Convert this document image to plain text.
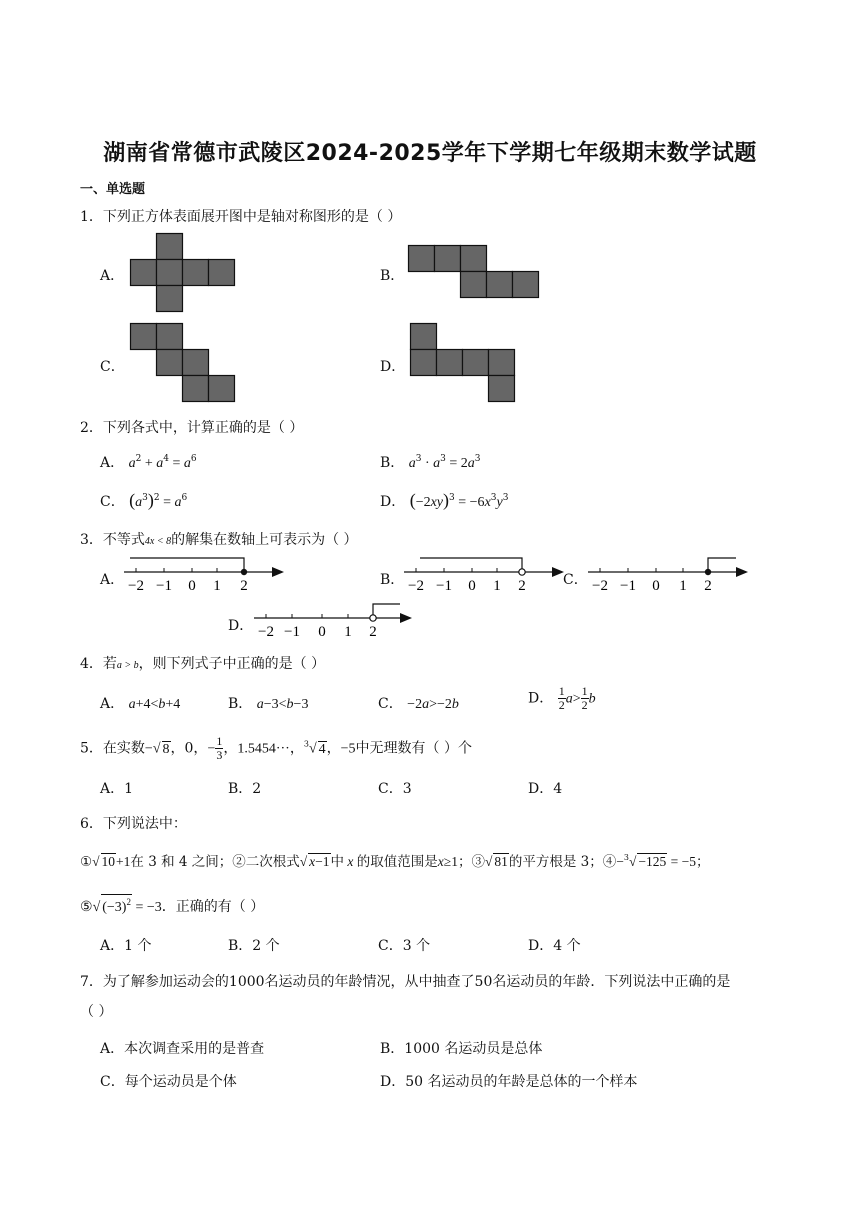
湖南省常德市武陵区2024-2025学年下学期七年级期末数学试题
一、单选题
1．下列正方体表面展开图中是轴对称图形的是（ ）
A．	B．
C．	D．
2．下列各式中，计算正确的是（ ）
A． $a^2 + a^4 = a^6$	B． $a^3 \cdot a^3 = 2a^3$
C． $(a^3)^2 = a^6$	D． $(-2xy)^3 = -6x^3y^3$
3．不等式4x < 8的解集在数轴上可表示为（ ）
A． −2 −1 0 1 2	B． −2 −1 0 1 2	C． −2 −1 0 1 2
D． −2 −1 0 1 2
4．若a > b，则下列式子中正确的是（ ）
A． a+4<b+4	B． a−3<b−3	C． −2a>−2b	D． $\frac{1}{2} a> \frac{1}{2}$ b
5．在实数−√ 8，0，− $\frac{1}{3}$ ，1.5454···，$^3$√ 4，−5中无理数有（ ）个
A．1	B．2	C．3	D．4
6．下列说法中：
①√ 10+1在 3 和 4 之间；②二次根式√ x−1中 x 的取值范围是x≥1；③√ 81的平方根是 3；④−$^3$√ −125 = −5；
⑤√ $(-3)^2 = -3$．正确的有（ ）
A．1 个	B．2 个	C．3 个	D．4 个
7．为了解参加运动会的1000名运动员的年龄情况，从中抽查了50名运动员的年龄．下列说法中正确的是
（ ）
A．本次调查采用的是普查	B．1000 名运动员是总体
C．每个运动员是个体	D．50 名运动员的年龄是总体的一个样本
